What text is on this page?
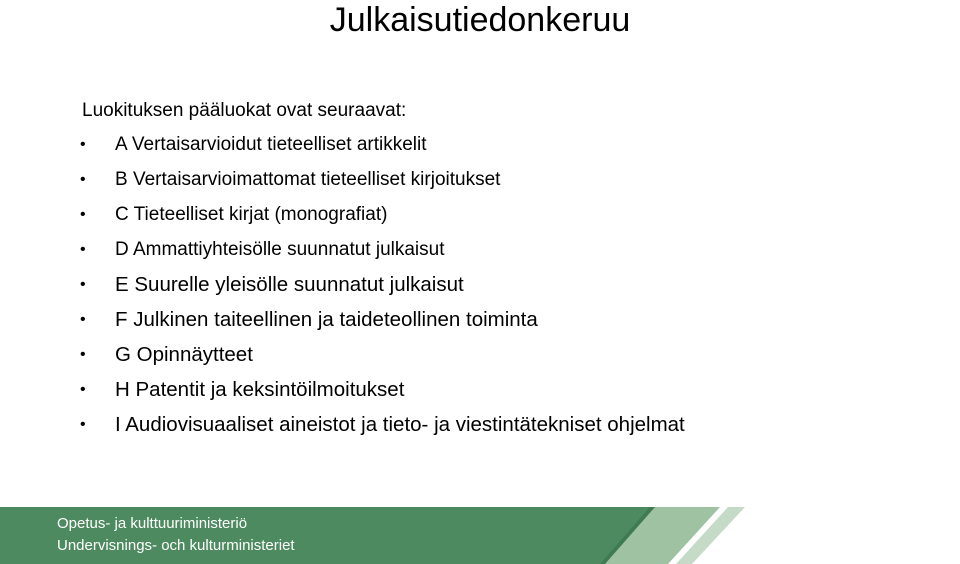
Julkaisutiedonkeruu
Luokituksen pääluokat ovat seuraavat:
•	A Vertaisarvioidut tieteelliset artikkelit
•	B Vertaisarvioimattomat tieteelliset kirjoitukset
•	C Tieteelliset kirjat (monografiat)
•	D Ammattiyhteisölle suunnatut julkaisut
•	E Suurelle yleisölle suunnatut julkaisut
•	F Julkinen taiteellinen ja taideteollinen toiminta
•	G Opinnäytteet
•	H Patentit ja keksintöilmoitukset
•	I Audiovisuaaliset aineistot ja tieto- ja viestintätekniset ohjelmat
Opetus- ja kulttuuriministeriö
Undervisnings- och kulturministeriet
